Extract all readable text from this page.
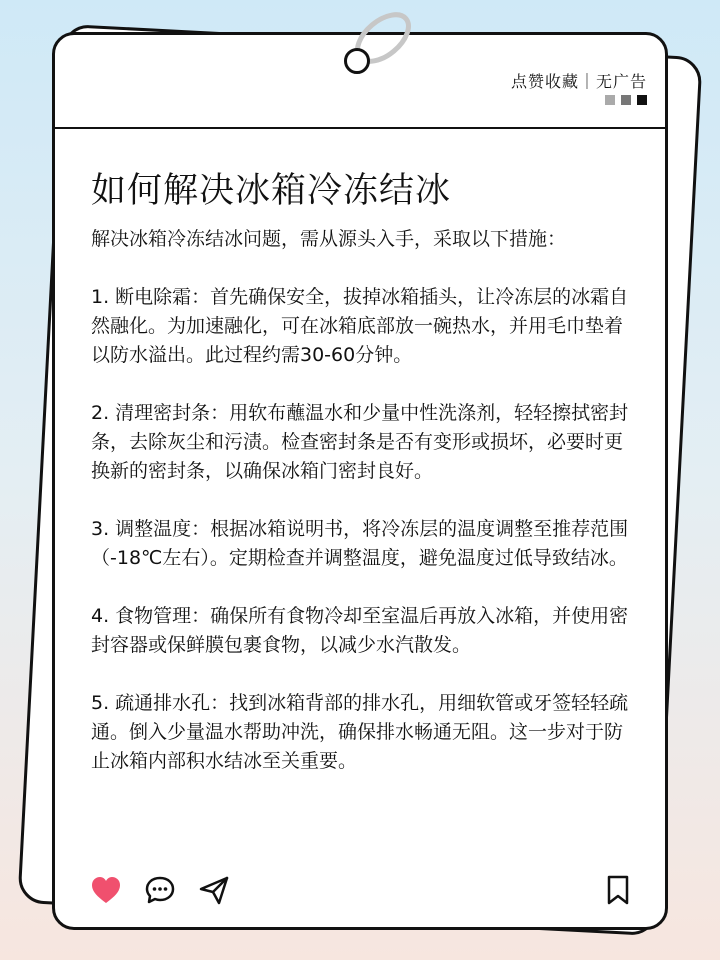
点赞收藏｜无广告
如何解决冰箱冷冻结冰

解决冰箱冷冻结冰问题，需从源头入手，采取以下措施：

1. 断电除霜：首先确保安全，拔掉冰箱插头，让冷冻层的冰霜自然融化。为加速融化，可在冰箱底部放一碗热水，并用毛巾垫着以防水溢出。此过程约需30-60分钟。

2. 清理密封条：用软布蘸温水和少量中性洗涤剂，轻轻擦拭密封条，去除灰尘和污渍。检查密封条是否有变形或损坏，必要时更换新的密封条，以确保冰箱门密封良好。

3. 调整温度：根据冰箱说明书，将冷冻层的温度调整至推荐范围（-18℃左右）。定期检查并调整温度，避免温度过低导致结冰。

4. 食物管理：确保所有食物冷却至室温后再放入冰箱，并使用密封容器或保鲜膜包裹食物，以减少水汽散发。

5. 疏通排水孔：找到冰箱背部的排水孔，用细软管或牙签轻轻疏通。倒入少量温水帮助冲洗，确保排水畅通无阻。这一步对于防止冰箱内部积水结冰至关重要。
